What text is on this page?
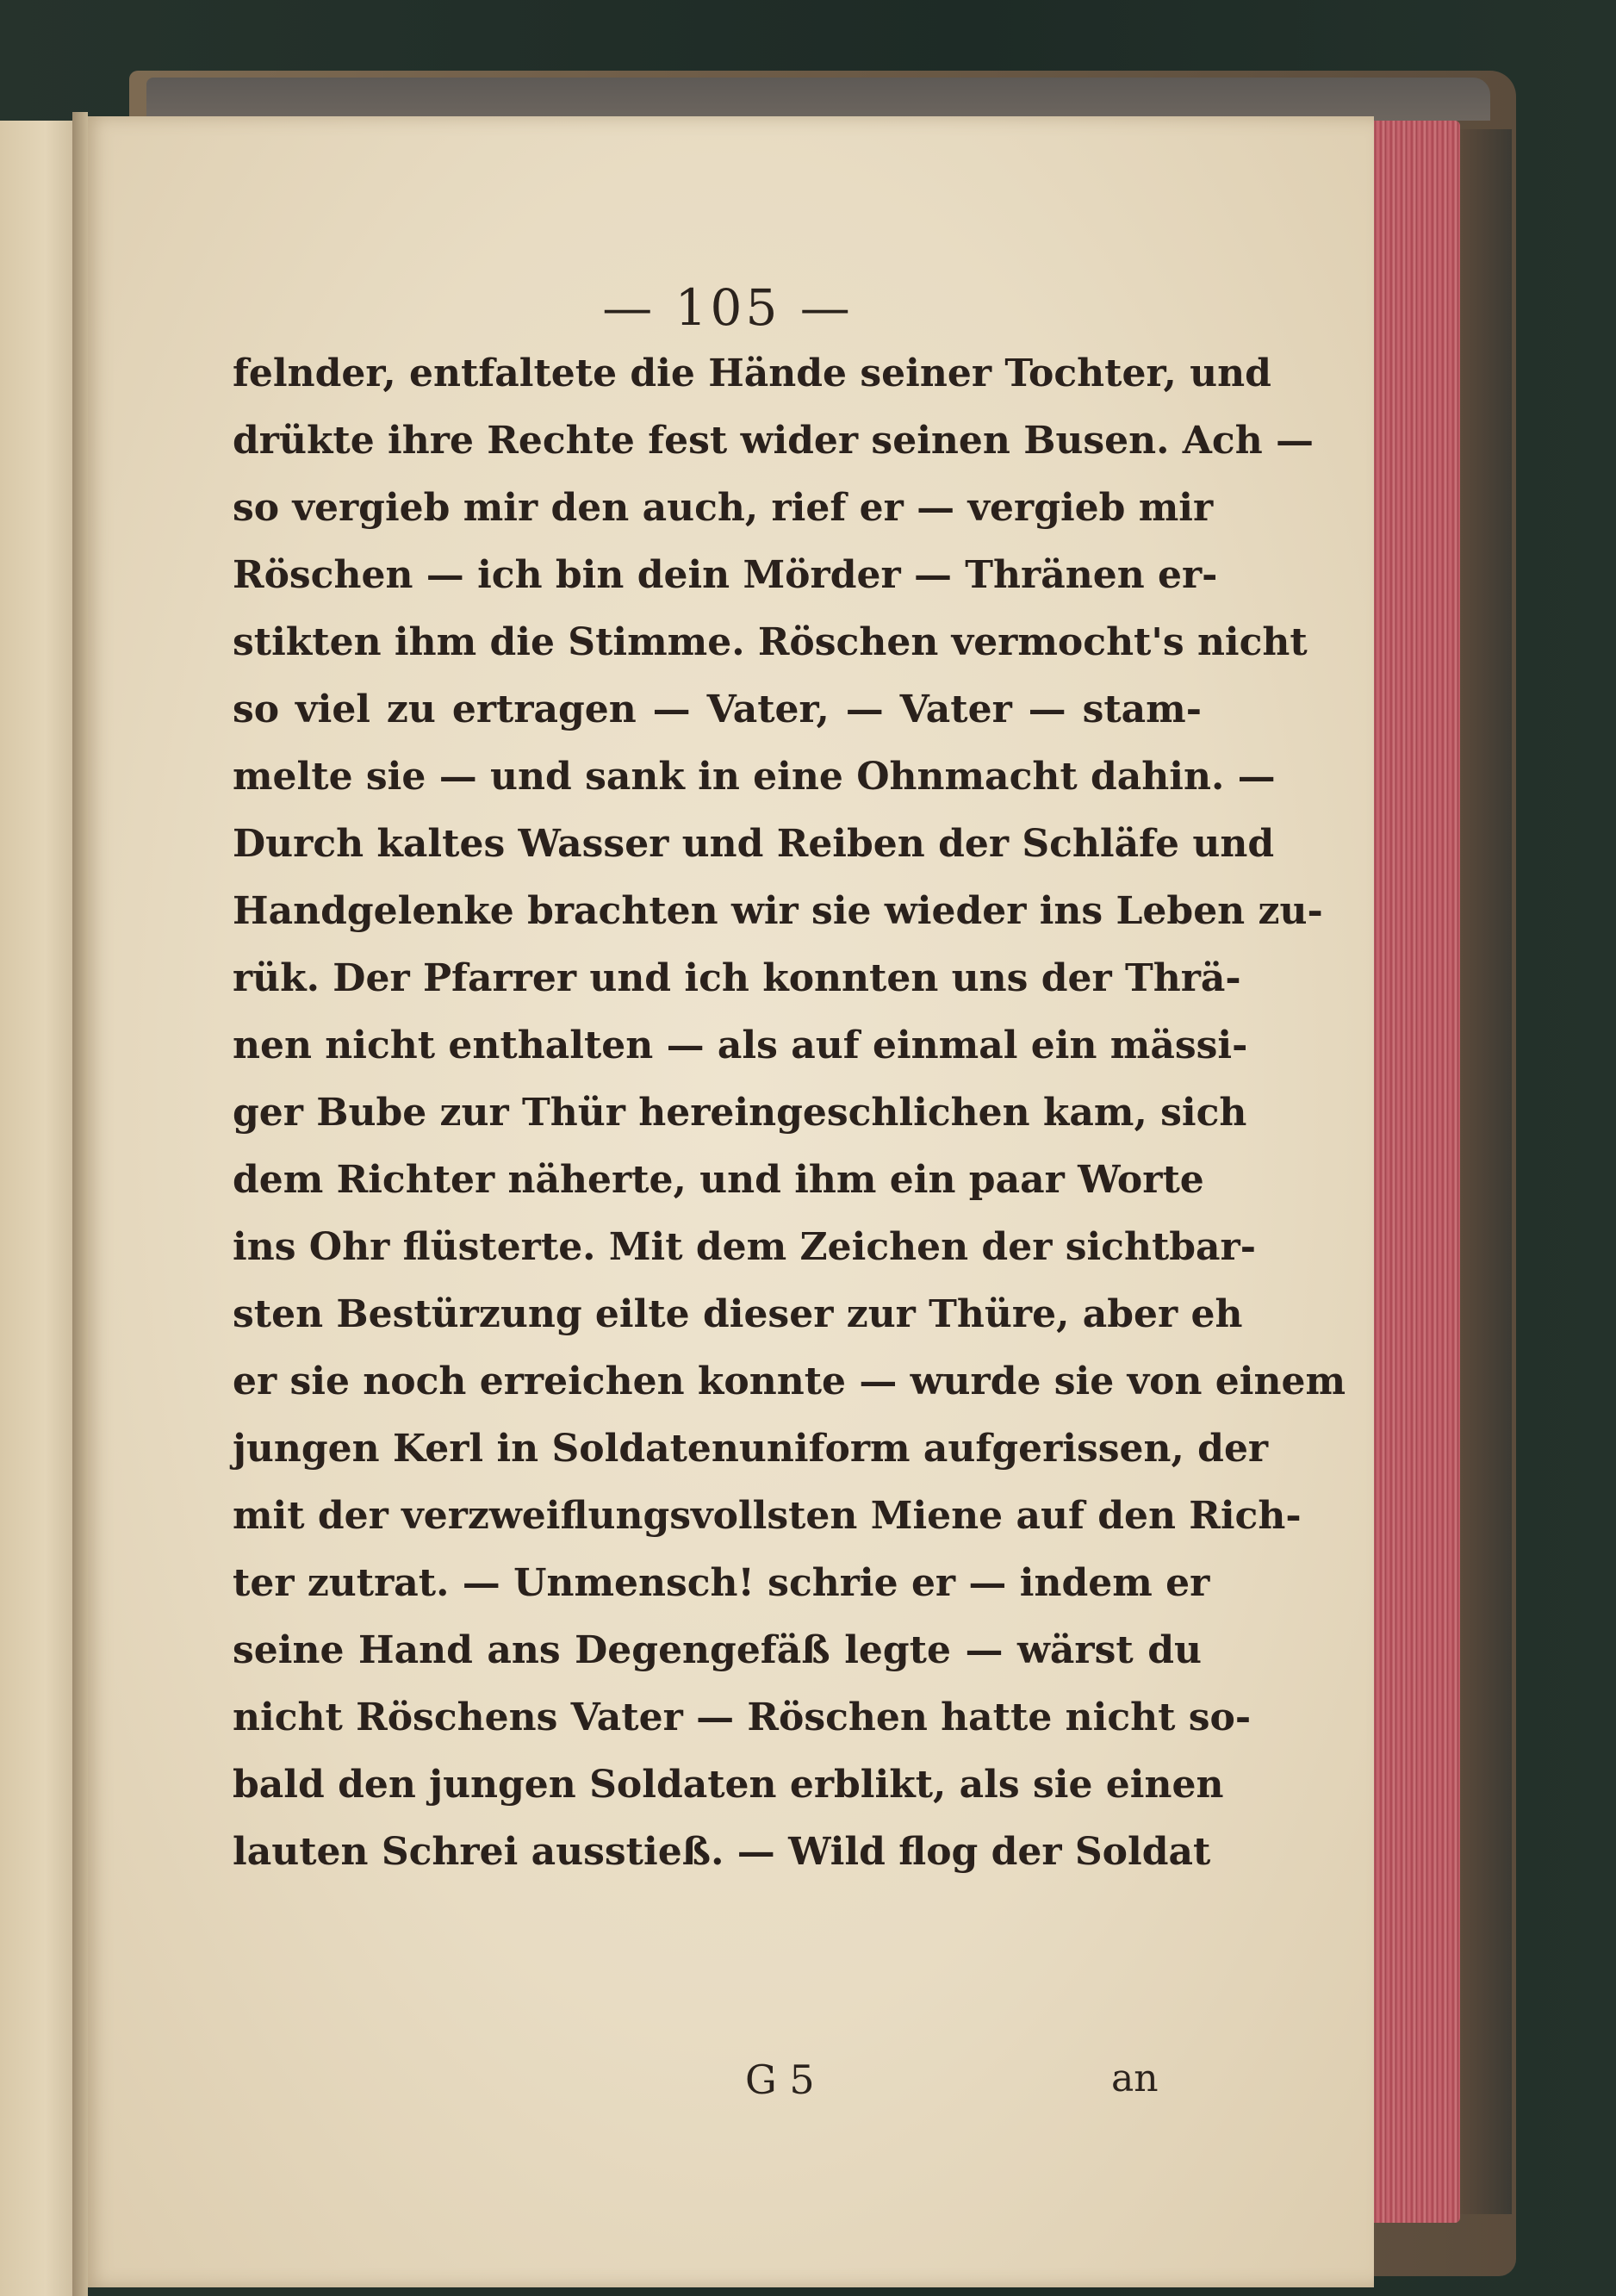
— 105 —
felnder, entfaltete die Hände seiner Tochter, und
drükte ihre Rechte fest wider seinen Busen. Ach —
so vergieb mir den auch, rief er — vergieb mir
Röschen — ich bin dein Mörder — Thränen er-
stikten ihm die Stimme. Röschen vermocht's nicht
so viel zu ertragen — Vater, — Vater — stam-
melte sie — und sank in eine Ohnmacht dahin. —
Durch kaltes Wasser und Reiben der Schläfe und
Handgelenke brachten wir sie wieder ins Leben zu-
rük. Der Pfarrer und ich konnten uns der Thrä-
nen nicht enthalten — als auf einmal ein mässi-
ger Bube zur Thür hereingeschlichen kam, sich
dem Richter näherte, und ihm ein paar Worte
ins Ohr flüsterte. Mit dem Zeichen der sichtbar-
sten Bestürzung eilte dieser zur Thüre, aber eh
er sie noch erreichen konnte — wurde sie von einem
jungen Kerl in Soldatenuniform aufgerissen, der
mit der verzweiflungsvollsten Miene auf den Rich-
ter zutrat. — Unmensch! schrie er — indem er
seine Hand ans Degengefäß legte — wärst du
nicht Röschens Vater — Röschen hatte nicht so-
bald den jungen Soldaten erblikt, als sie einen
lauten Schrei ausstieß. — Wild flog der Soldat
G 5	an
